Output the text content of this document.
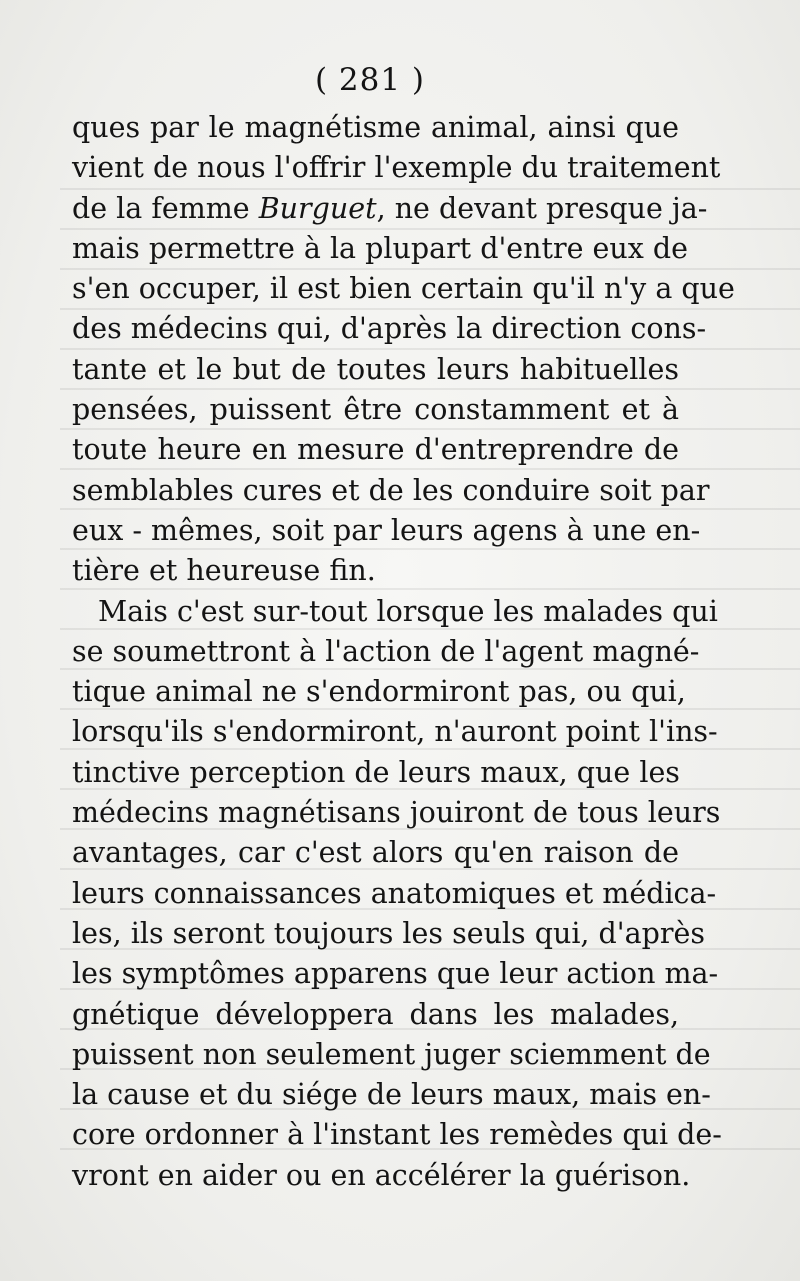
( 281 )
ques par le magnétisme animal, ainsi que
vient de nous l'offrir l'exemple du traitement
de la femme Burguet, ne devant presque ja-
mais permettre à la plupart d'entre eux de
s'en occuper, il est bien certain qu'il n'y a que
des médecins qui, d'après la direction cons-
tante et le but de toutes leurs habituelles
pensées, puissent être constamment et à
toute heure en mesure d'entreprendre de
semblables cures et de les conduire soit par
eux - mêmes, soit par leurs agens à une en-
tière et heureuse fin.
Mais c'est sur-tout lorsque les malades qui
se soumettront à l'action de l'agent magné-
tique animal ne s'endormiront pas, ou qui,
lorsqu'ils s'endormiront, n'auront point l'ins-
tinctive perception de leurs maux, que les
médecins magnétisans jouiront de tous leurs
avantages, car c'est alors qu'en raison de
leurs connaissances anatomiques et médica-
les, ils seront toujours les seuls qui, d'après
les symptômes apparens que leur action ma-
gnétique développera dans les malades,
puissent non seulement juger sciemment de
la cause et du siége de leurs maux, mais en-
core ordonner à l'instant les remèdes qui de-
vront en aider ou en accélérer la guérison.
